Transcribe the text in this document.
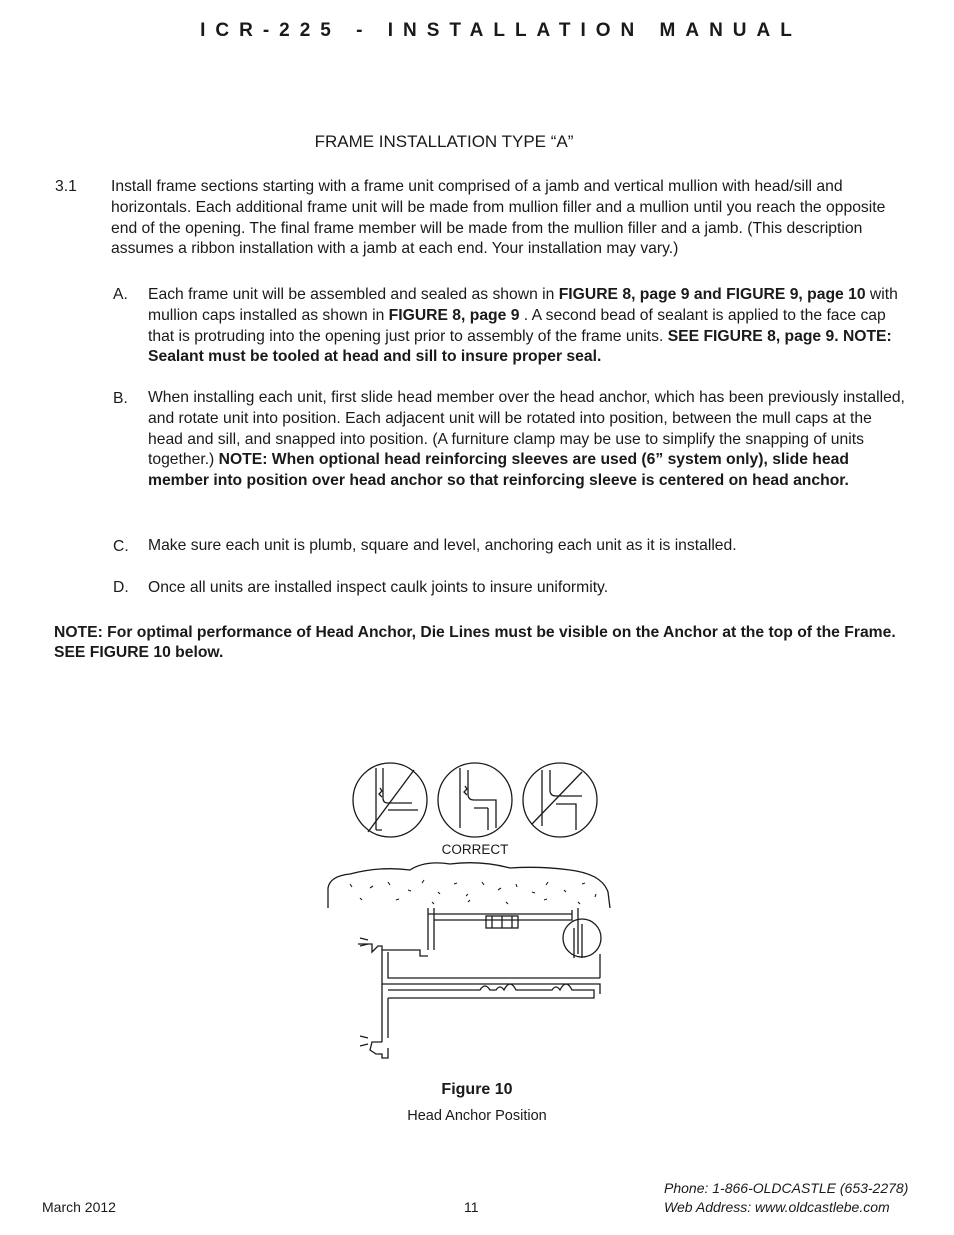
ICR-225 - INSTALLATION MANUAL
FRAME INSTALLATION TYPE “A”
3.1 Install frame sections starting with a frame unit comprised of a jamb and vertical mullion with head/sill and horizontals. Each additional frame unit will be made from mullion filler and a mullion until you reach the opposite end of the opening. The final frame member will be made from the mullion filler and a jamb. (This description assumes a ribbon installation with a jamb at each end. Your installation may vary.)
A. Each frame unit will be assembled and sealed as shown in FIGURE 8, page 9 and FIGURE 9, page 10 with mullion caps installed as shown in FIGURE 8, page 9 . A second bead of sealant is applied to the face cap that is protruding into the opening just prior to assembly of the frame units. SEE FIGURE 8, page 9. NOTE: Sealant must be tooled at head and sill to insure proper seal.
B. When installing each unit, first slide head member over the head anchor, which has been previously installed, and rotate unit into position. Each adjacent unit will be rotated into position, between the mull caps at the head and sill, and snapped into position. (A furniture clamp may be use to simplify the snapping of units together.) NOTE: When optional head reinforcing sleeves are used (6” system only), slide head member into position over head anchor so that reinforcing sleeve is centered on head anchor.
C. Make sure each unit is plumb, square and level, anchoring each unit as it is installed.
D. Once all units are installed inspect caulk joints to insure uniformity.
NOTE: For optimal performance of Head Anchor, Die Lines must be visible on the Anchor at the top of the Frame. SEE FIGURE 10 below.
CORRECT
Figure 10
Head Anchor Position
March 2012	11
Phone: 1-866-OLDCASTLE (653-2278)
Web Address: www.oldcastlebe.com
